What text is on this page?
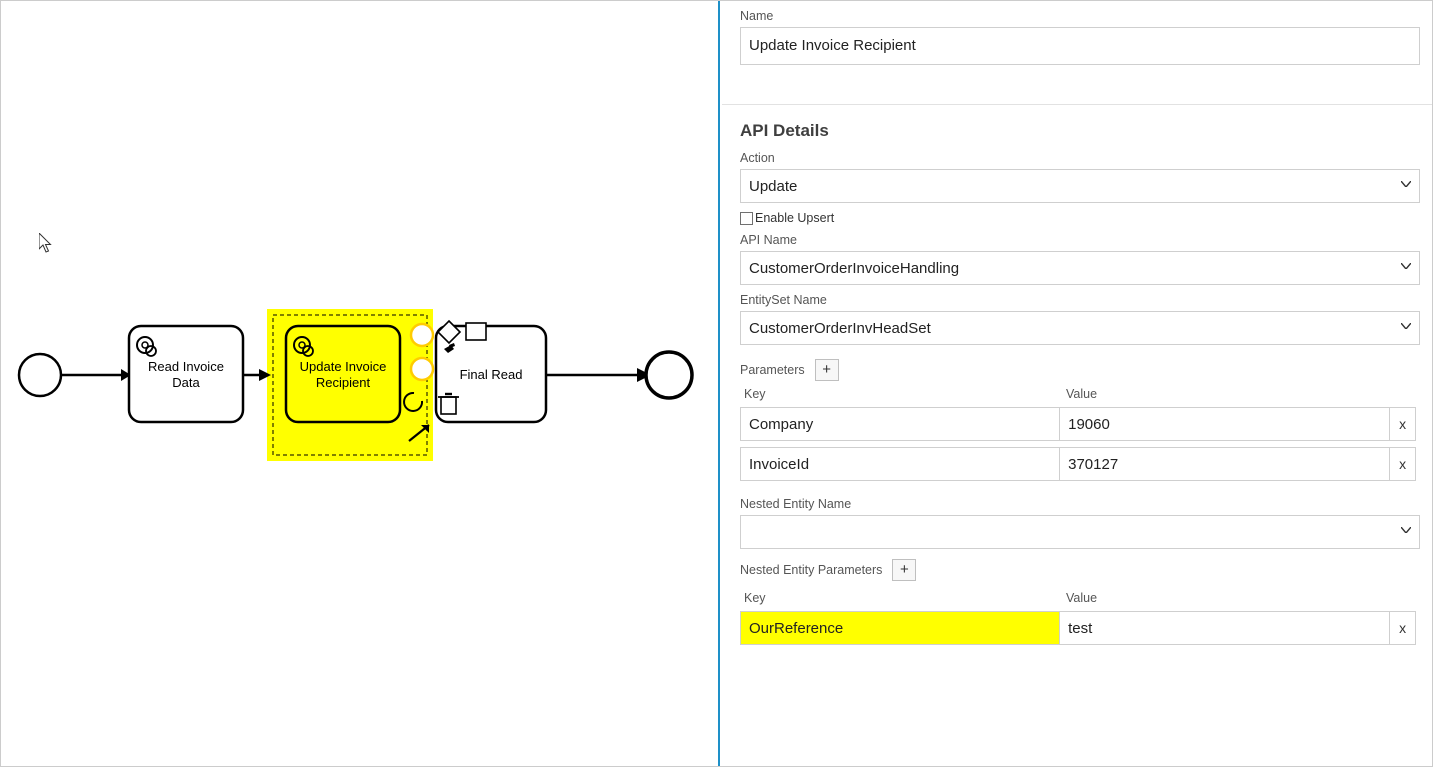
Read Invoice
Data
Update Invoice
Recipient
Final Read
Name
Update Invoice Recipient
API Details
Action
Update
Enable Upsert
API Name
CustomerOrderInvoiceHandling
EntitySet Name
CustomerOrderInvHeadSet
Parameters	+
Key	Value
Company	19060	x
InvoiceId	370127	x
Nested Entity Name
Nested Entity Parameters	+
Key	Value
OurReference	test	x
